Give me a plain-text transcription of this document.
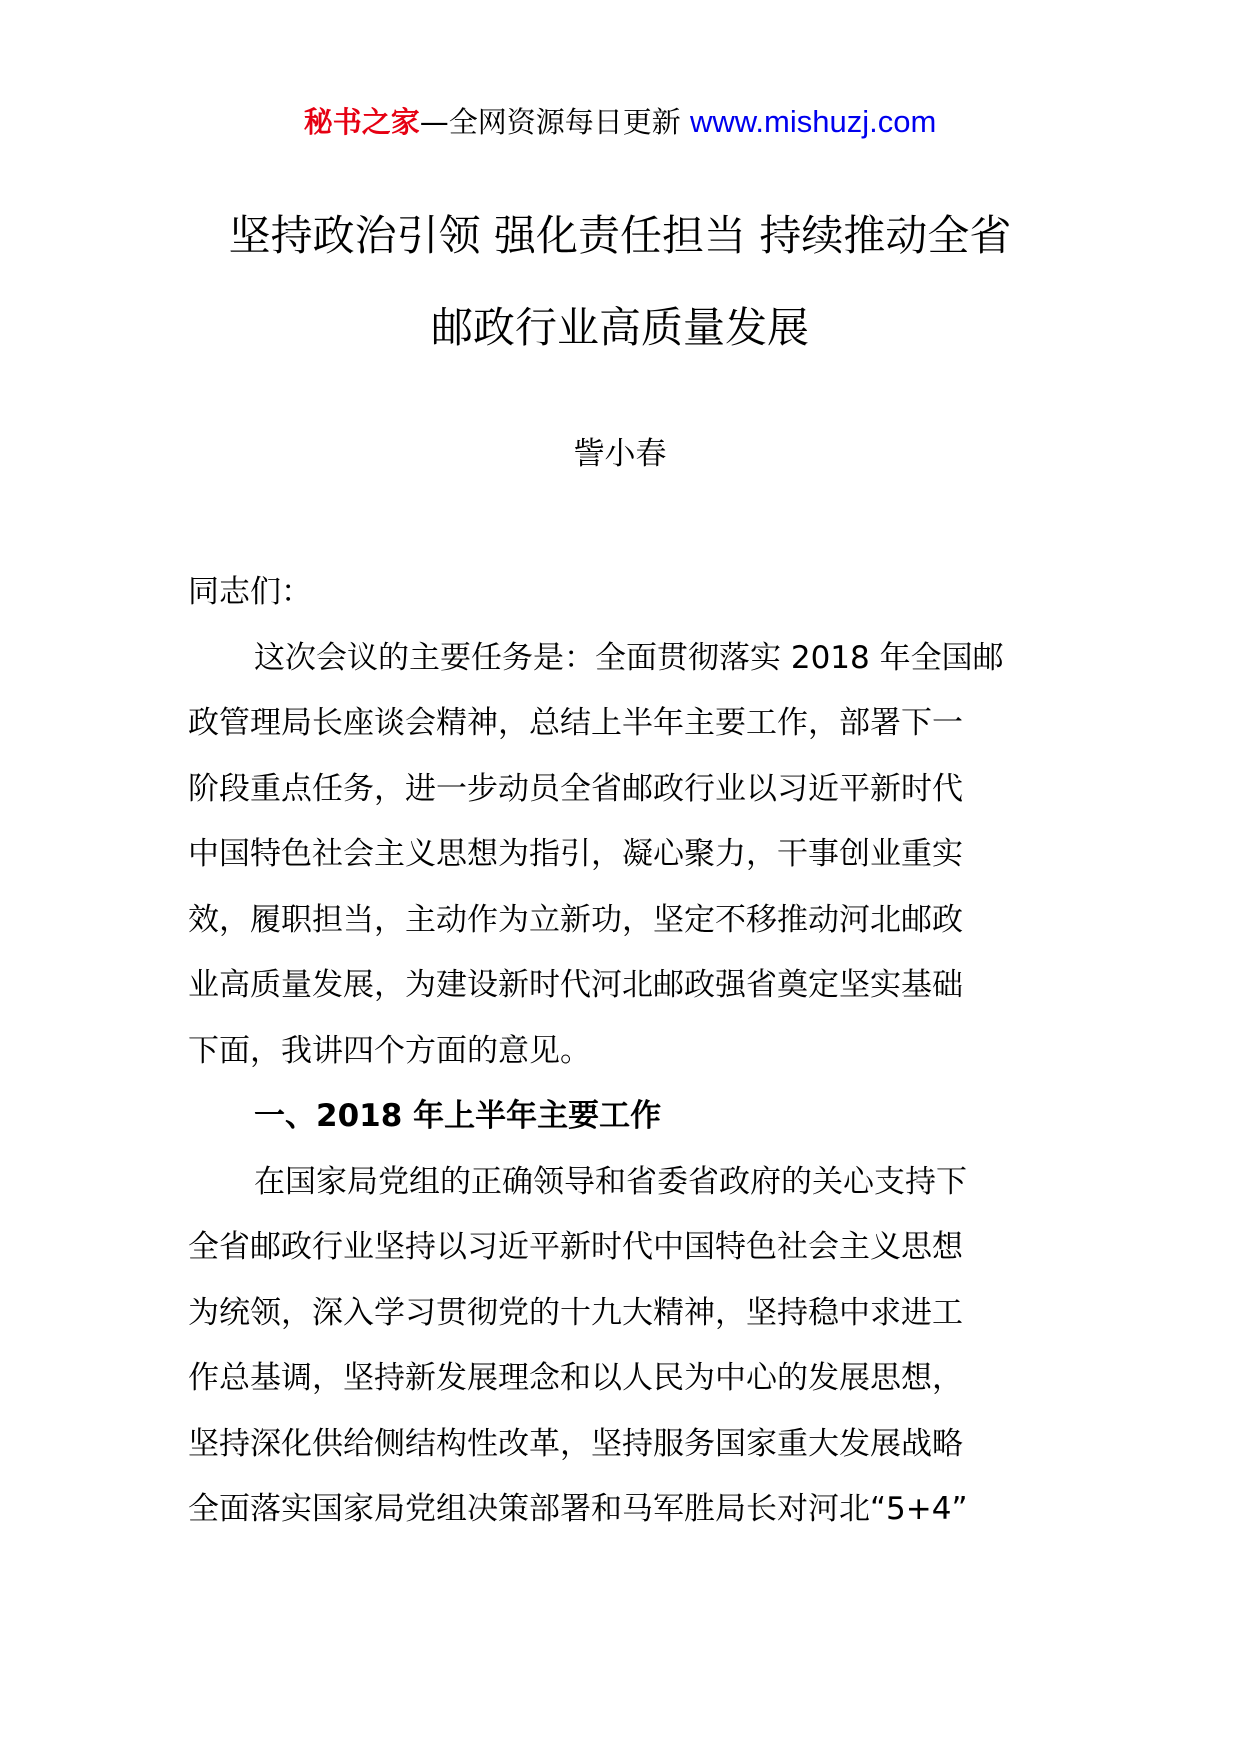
秘书之家—全网资源每日更新 www.mishuzj.com
坚持政治引领 强化责任担当 持续推动全省
邮政行业高质量发展
訾小春
同志们：
这次会议的主要任务是：全面贯彻落实 2018 年全国邮
政管理局长座谈会精神，总结上半年主要工作，部署下一
阶段重点任务，进一步动员全省邮政行业以习近平新时代
中国特色社会主义思想为指引，凝心聚力，干事创业重实
效，履职担当，主动作为立新功，坚定不移推动河北邮政
业高质量发展，为建设新时代河北邮政强省奠定坚实基础
下面，我讲四个方面的意见。
一、2018 年上半年主要工作
在国家局党组的正确领导和省委省政府的关心支持下
全省邮政行业坚持以习近平新时代中国特色社会主义思想
为统领，深入学习贯彻党的十九大精神，坚持稳中求进工
作总基调，坚持新发展理念和以人民为中心的发展思想，
坚持深化供给侧结构性改革，坚持服务国家重大发展战略
全面落实国家局党组决策部署和马军胜局长对河北“5+4”
